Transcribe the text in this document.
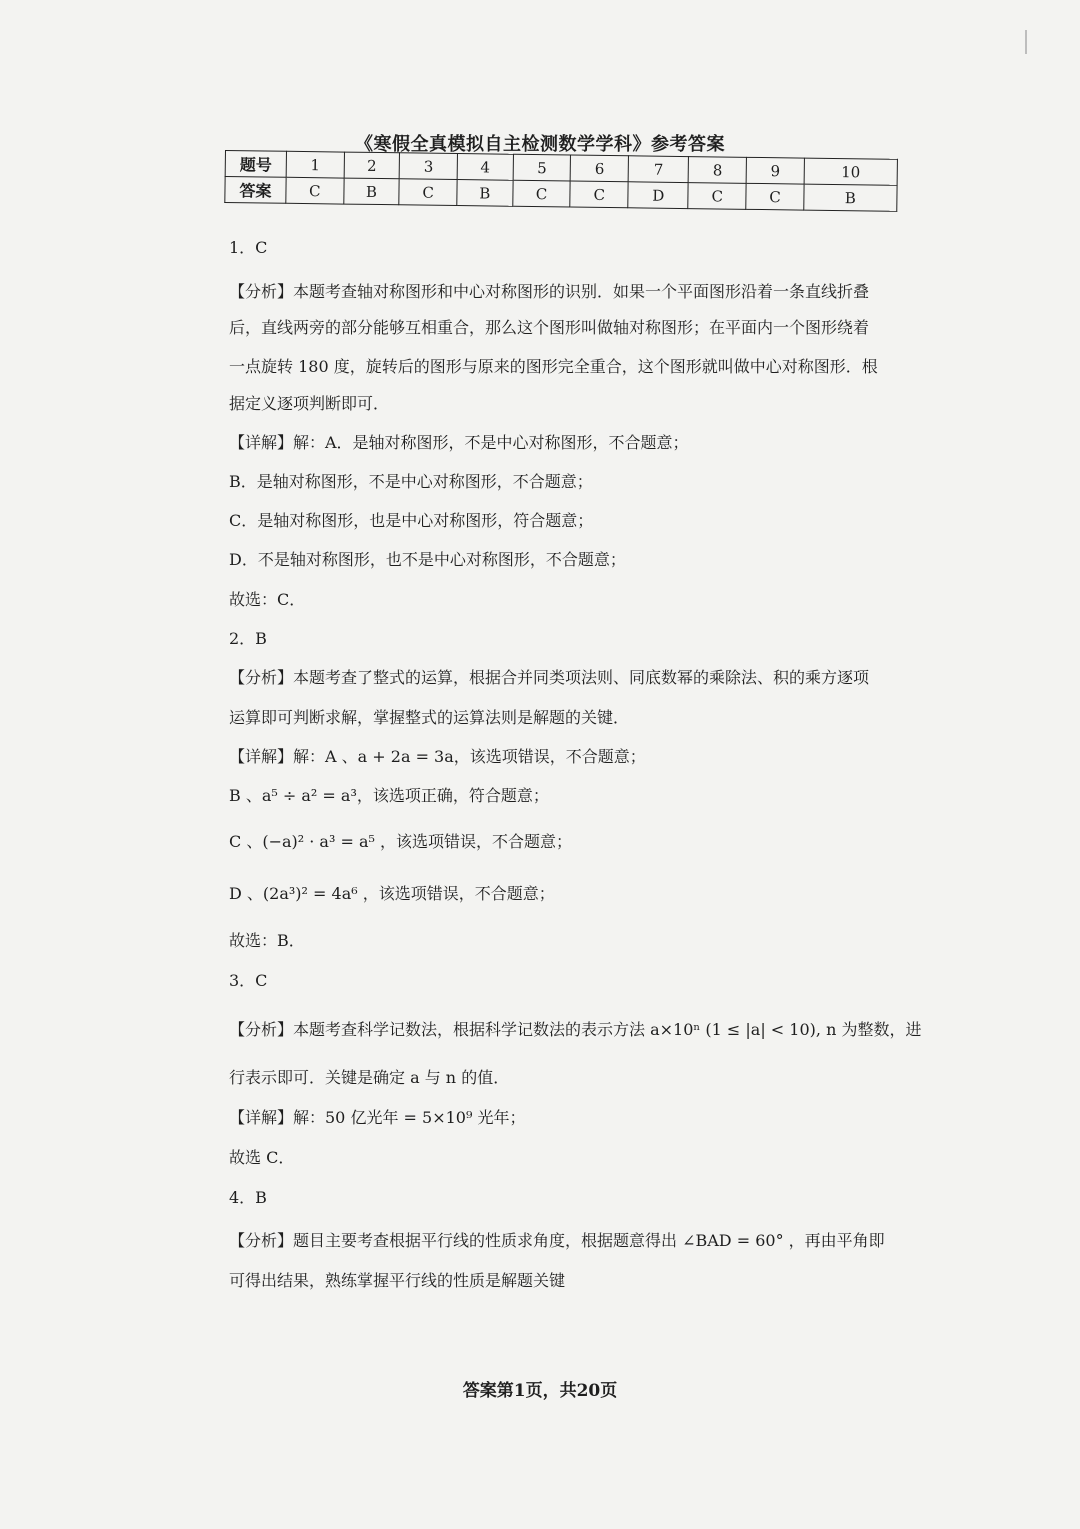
《寒假全真模拟自主检测数学学科》参考答案
题号	1	2	3	4	5	6	7	8	9	10
答案	C	B	C	B	C	C	D	C	C	B
1．C
【分析】本题考查轴对称图形和中心对称图形的识别．如果一个平面图形沿着一条直线折叠
后，直线两旁的部分能够互相重合，那么这个图形叫做轴对称图形；在平面内一个图形绕着
一点旋转 180 度，旋转后的图形与原来的图形完全重合，这个图形就叫做中心对称图形．根
据定义逐项判断即可．
【详解】解：A．是轴对称图形，不是中心对称图形，不合题意；
B．是轴对称图形，不是中心对称图形，不合题意；
C．是轴对称图形，也是中心对称图形，符合题意；
D．不是轴对称图形，也不是中心对称图形，不合题意；
故选：C．
2．B
【分析】本题考查了整式的运算，根据合并同类项法则、同底数幂的乘除法、积的乘方逐项
运算即可判断求解，掌握整式的运算法则是解题的关键．
【详解】解：A 、a + 2a = 3a，该选项错误，不合题意；
B 、a⁵ ÷ a² = a³，该选项正确，符合题意；
C 、(−a)² · a³ = a⁵ ，该选项错误，不合题意；
D 、(2a³)² = 4a⁶ ，该选项错误，不合题意；
故选：B．
3．C
【分析】本题考查科学记数法，根据科学记数法的表示方法 a×10ⁿ (1 ≤ |a| < 10), n 为整数，进
行表示即可．关键是确定 a 与 n 的值．
【详解】解：50 亿光年 = 5×10⁹ 光年；
故选 C．
4．B
【分析】题目主要考查根据平行线的性质求角度，根据题意得出 ∠BAD = 60° ，再由平角即
可得出结果，熟练掌握平行线的性质是解题关键
答案第1页，共20页
